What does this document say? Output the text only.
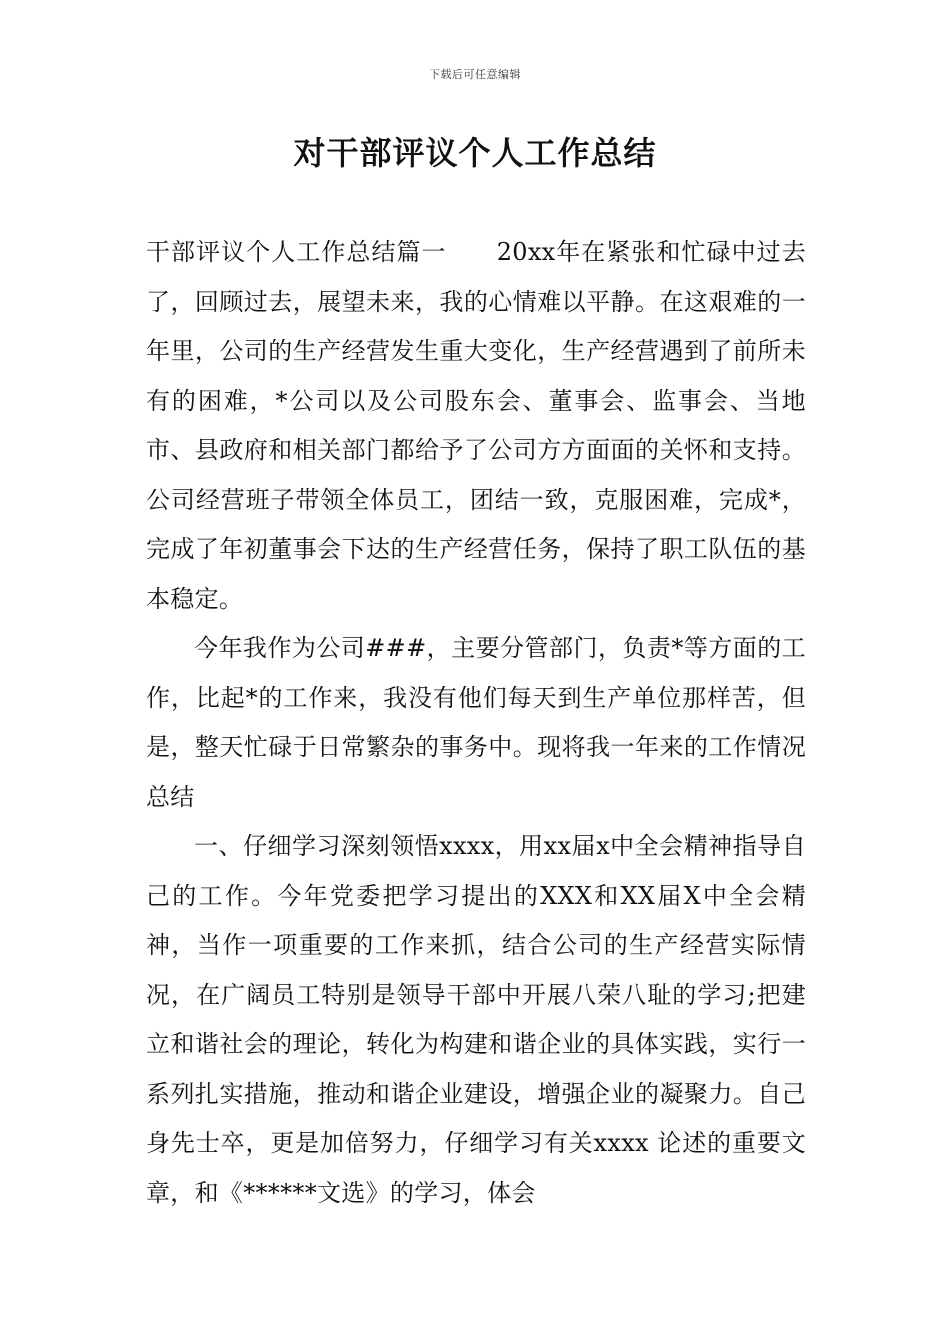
下载后可任意编辑
对干部评议个人工作总结

干部评议个人工作总结篇一　　20xx年在紧张和忙碌中过去了，回顾过去，展望未来，我的心情难以平静。在这艰难的一年里，公司的生产经营发生重大变化，生产经营遇到了前所未有的困难，*公司以及公司股东会、董事会、监事会、当地市、县政府和相关部门都给予了公司方方面面的关怀和支持。公司经营班子带领全体员工，团结一致，克服困难，完成*，完成了年初董事会下达的生产经营任务，保持了职工队伍的基本稳定。

今年我作为公司###，主要分管部门，负责*等方面的工作，比起*的工作来，我没有他们每天到生产单位那样苦，但是，整天忙碌于日常繁杂的事务中。现将我一年来的工作情况总结

一、仔细学习深刻领悟xxxx，用xx届x中全会精神指导自己的工作。今年党委把学习提出的XXX和XX届X中全会精神，当作一项重要的工作来抓，结合公司的生产经营实际情况，在广阔员工特别是领导干部中开展八荣八耻的学习;把建立和谐社会的理论，转化为构建和谐企业的具体实践，实行一系列扎实措施，推动和谐企业建设，增强企业的凝聚力。自己身先士卒，更是加倍努力，仔细学习有关xxxx 论述的重要文章，和《******文选》的学习，体会
